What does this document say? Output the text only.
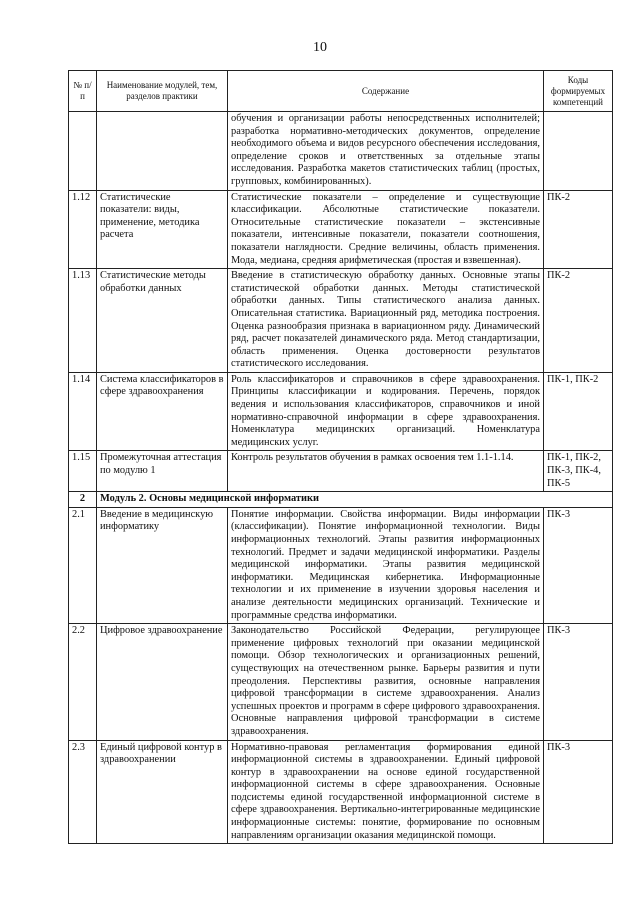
10
№ п/п	Наименование модулей, тем, разделов практики	Содержание	Коды формируемых компетенций
		обучения и организации работы непосредственных исполнителей; разработка нормативно-методических документов, определение необходимого объема и видов ресурсного обеспечения исследования, определение сроков и ответственных за отдельные этапы исследования. Разработка макетов статистических таблиц (простых, групповых, комбинированных).	
1.12	Статистические показатели: виды, применение, методика расчета	Статистические показатели – определение и существующие классификации. Абсолютные статистические показатели. Относительные статистические показатели – экстенсивные показатели, интенсивные показатели, показатели соотношения, показатели наглядности. Средние величины, область применения. Мода, медиана, средняя арифметическая (простая и взвешенная).	ПК-2
1.13	Статистические методы обработки данных	Введение в статистическую обработку данных. Основные этапы статистической обработки данных. Методы статистической обработки данных. Типы статистического анализа данных. Описательная статистика. Вариационный ряд, методика построения. Оценка разнообразия признака в вариационном ряду. Динамический ряд, расчет показателей динамического ряда. Метод стандартизации, область применения. Оценка достоверности результатов статистического исследования.	ПК-2
1.14	Система классификаторов в сфере здравоохранения	Роль классификаторов и справочников в сфере здравоохранения. Принципы классификации и кодирования. Перечень, порядок ведения и использования классификаторов, справочников и иной нормативно-справочной информации в сфере здравоохранения. Номенклатура медицинских организаций. Номенклатура медицинских услуг.	ПК-1, ПК-2
1.15	Промежуточная аттестация по модулю 1	Контроль результатов обучения в рамках освоения тем 1.1-1.14.	ПК-1, ПК-2, ПК-3, ПК-4, ПК-5
2	Модуль 2. Основы медицинской информатики		
2.1	Введение в медицинскую информатику	Понятие информации. Свойства информации. Виды информации (классификации). Понятие информационной технологии. Виды информационных технологий. Этапы развития информационных технологий. Предмет и задачи медицинской информатики. Разделы медицинской информатики. Этапы развития медицинской информатики. Медицинская кибернетика. Информационные технологии и их применение в изучении здоровья населения и анализе деятельности медицинских организаций. Технические и программные средства информатики.	ПК-3
2.2	Цифровое здравоохранение	Законодательство Российской Федерации, регулирующее применение цифровых технологий при оказании медицинской помощи. Обзор технологических и организационных решений, существующих на отечественном рынке. Барьеры развития и пути преодоления. Перспективы развития, основные направления цифровой трансформации в системе здравоохранения. Анализ успешных проектов и программ в сфере цифрового здравоохранения. Основные направления цифровой трансформации в системе здравоохранения.	ПК-3
2.3	Единый цифровой контур в здравоохранении	Нормативно-правовая регламентация формирования единой информационной системы в здравоохранении. Единый цифровой контур в здравоохранении на основе единой государственной информационной системы в сфере здравоохранения. Основные подсистемы единой государственной информационной системе в сфере здравоохранения. Вертикально-интегрированные медицинские информационные системы: понятие, формирование по основным направлениям организации оказания медицинской помощи.	ПК-3
